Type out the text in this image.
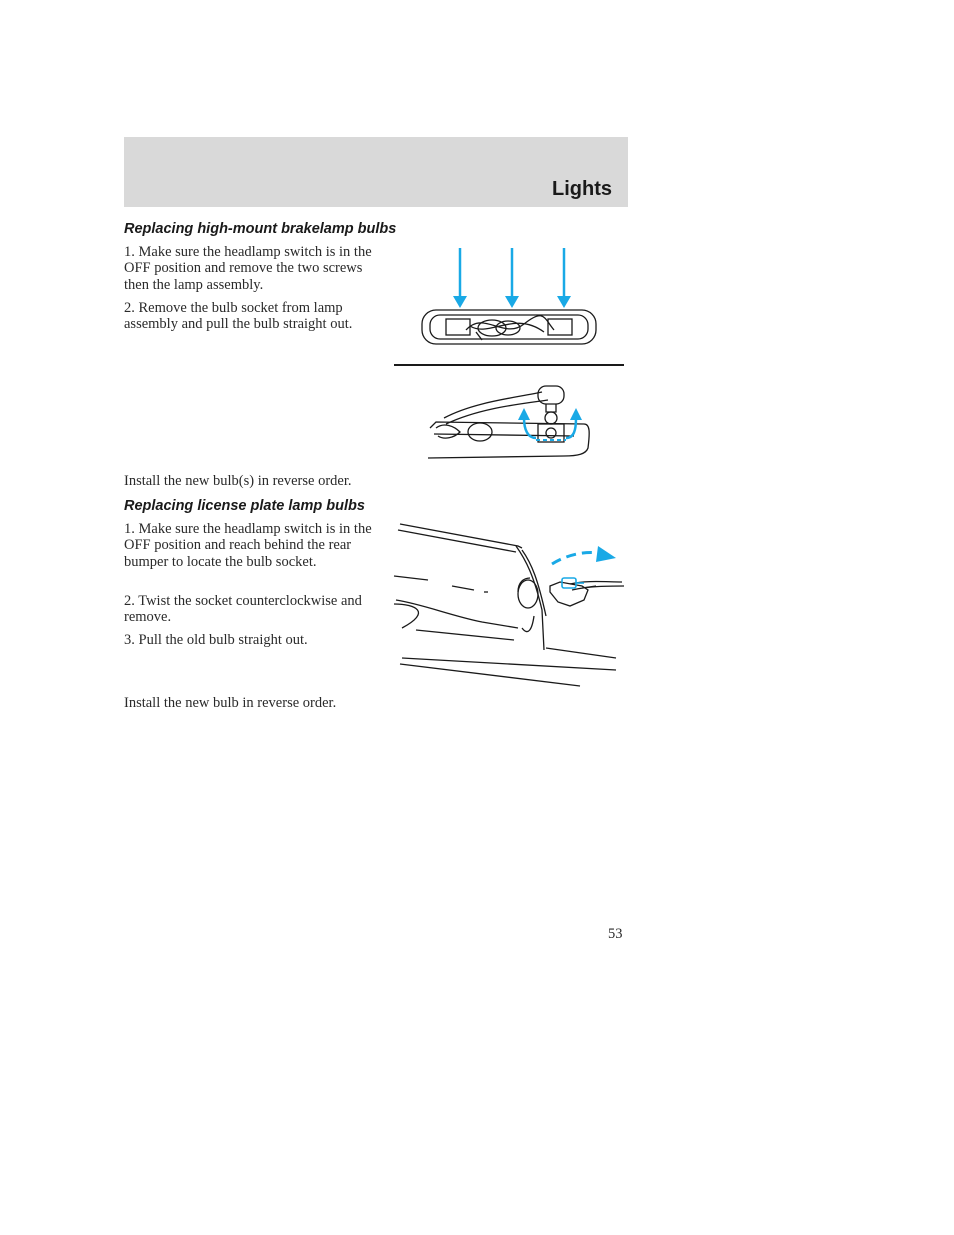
Lights
Replacing high-mount brakelamp bulbs
1. Make sure the headlamp switch is in the OFF position and remove the two screws then the lamp assembly.
2. Remove the bulb socket from lamp assembly and pull the bulb straight out.
Install the new bulb(s) in reverse order.
Replacing license plate lamp bulbs
1. Make sure the headlamp switch is in the OFF position and reach behind the rear bumper to locate the bulb socket.
2. Twist the socket counterclockwise and remove.
3. Pull the old bulb straight out.
Install the new bulb in reverse order.
53
